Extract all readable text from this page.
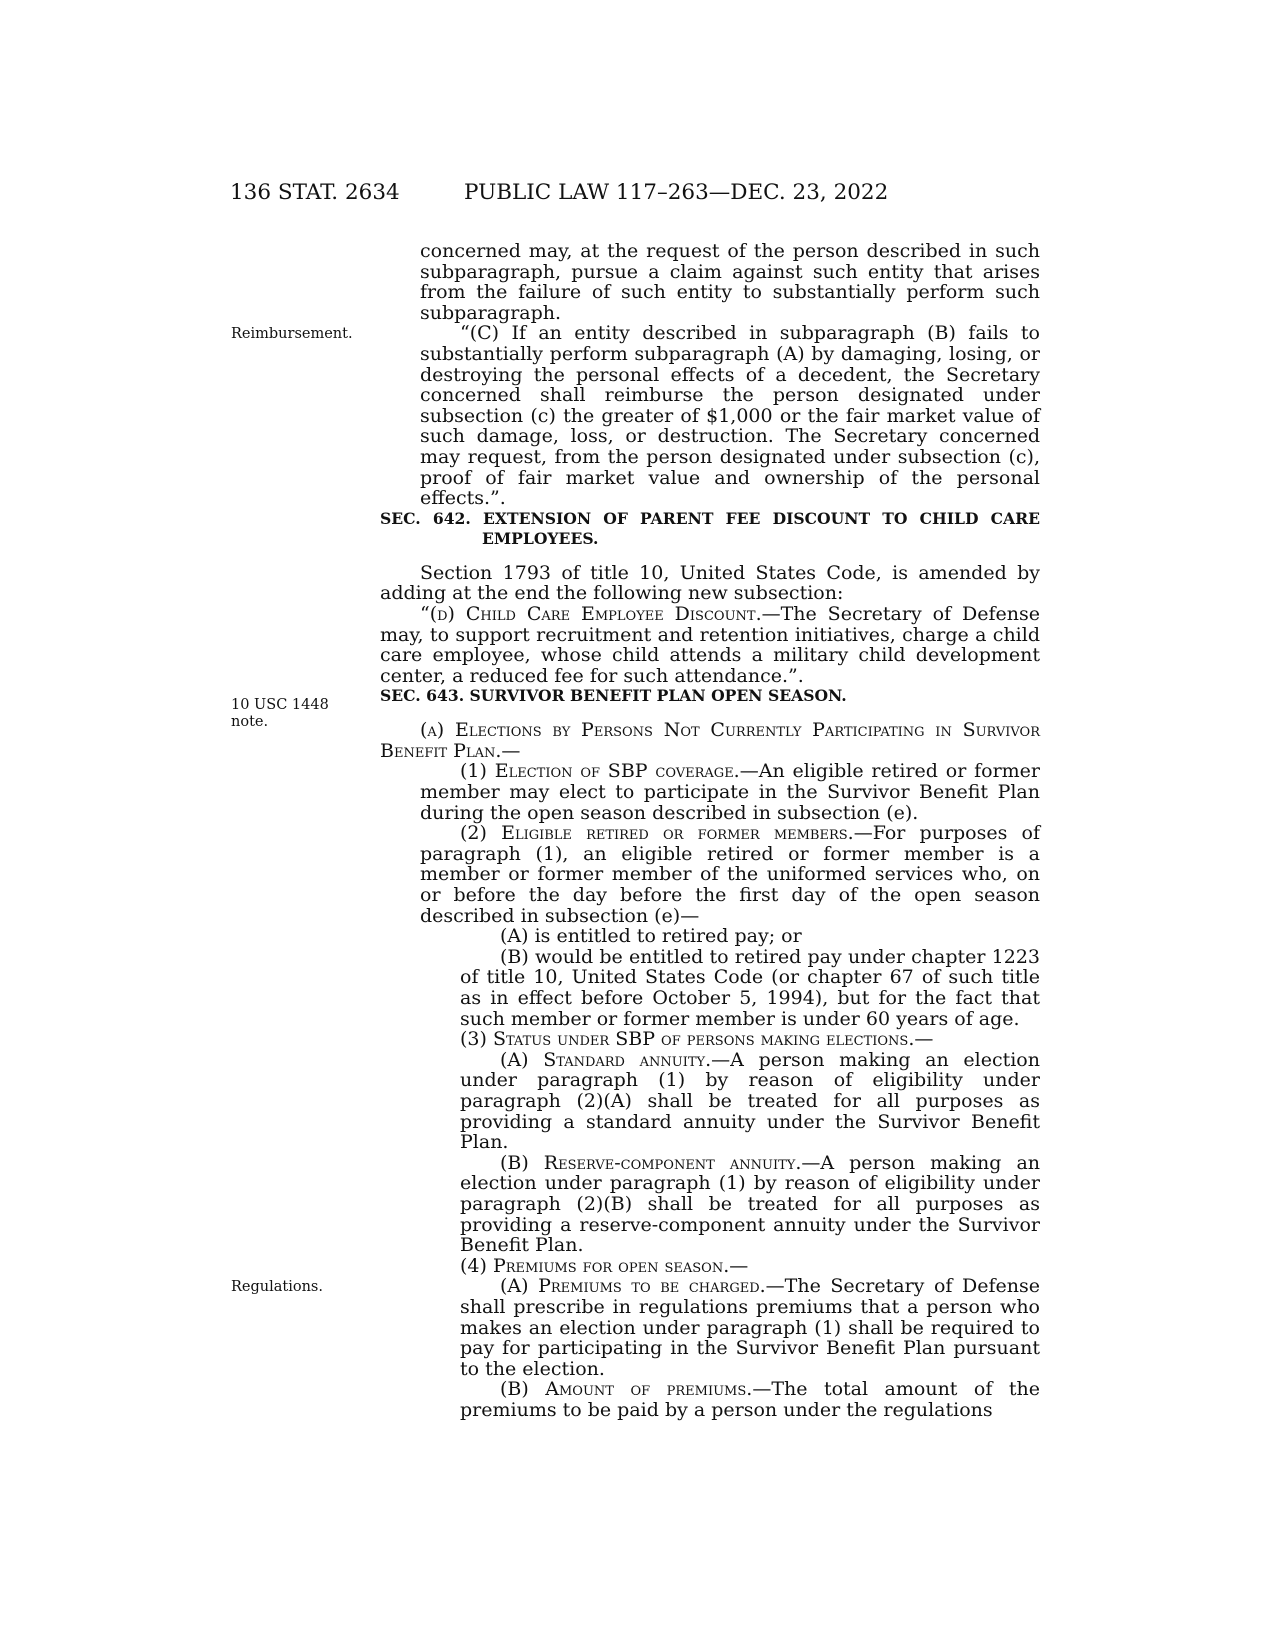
136 STAT. 2634	PUBLIC LAW 117–263—DEC. 23, 2022
Reimbursement.
10 USC 1448
note.
Regulations.

concerned may, at the request of the person described in such subparagraph, pursue a claim against such entity that arises from the failure of such entity to substantially perform such subparagraph.

“(C) If an entity described in subparagraph (B) fails to substantially perform subparagraph (A) by damaging, losing, or destroying the personal effects of a decedent, the Secretary concerned shall reimburse the person designated under subsection (c) the greater of $1,000 or the fair market value of such damage, loss, or destruction. The Secretary concerned may request, from the person designated under subsection (c), proof of fair market value and ownership of the personal effects.”.

SEC. 642. EXTENSION OF PARENT FEE DISCOUNT TO CHILD CARE EMPLOYEES.

Section 1793 of title 10, United States Code, is amended by adding at the end the following new subsection:

“(d) Child Care Employee Discount.—The Secretary of Defense may, to support recruitment and retention initiatives, charge a child care employee, whose child attends a military child development center, a reduced fee for such attendance.”.

SEC. 643. SURVIVOR BENEFIT PLAN OPEN SEASON.

(a) Elections by Persons Not Currently Participating in Survivor Benefit Plan.—

(1) Election of SBP coverage.—An eligible retired or former member may elect to participate in the Survivor Benefit Plan during the open season described in subsection (e).

(2) Eligible retired or former members.—For purposes of paragraph (1), an eligible retired or former member is a member or former member of the uniformed services who, on or before the day before the first day of the open season described in subsection (e)—

(A) is entitled to retired pay; or

(B) would be entitled to retired pay under chapter 1223 of title 10, United States Code (or chapter 67 of such title as in effect before October 5, 1994), but for the fact that such member or former member is under 60 years of age.

(3) Status under SBP of persons making elections.—

(A) Standard annuity.—A person making an election under paragraph (1) by reason of eligibility under paragraph (2)(A) shall be treated for all purposes as providing a standard annuity under the Survivor Benefit Plan.

(B) Reserve-component annuity.—A person making an election under paragraph (1) by reason of eligibility under paragraph (2)(B) shall be treated for all purposes as providing a reserve-component annuity under the Survivor Benefit Plan.

(4) Premiums for open season.—

(A) Premiums to be charged.—The Secretary of Defense shall prescribe in regulations premiums that a person who makes an election under paragraph (1) shall be required to pay for participating in the Survivor Benefit Plan pursuant to the election.

(B) Amount of premiums.—The total amount of the premiums to be paid by a person under the regulations
